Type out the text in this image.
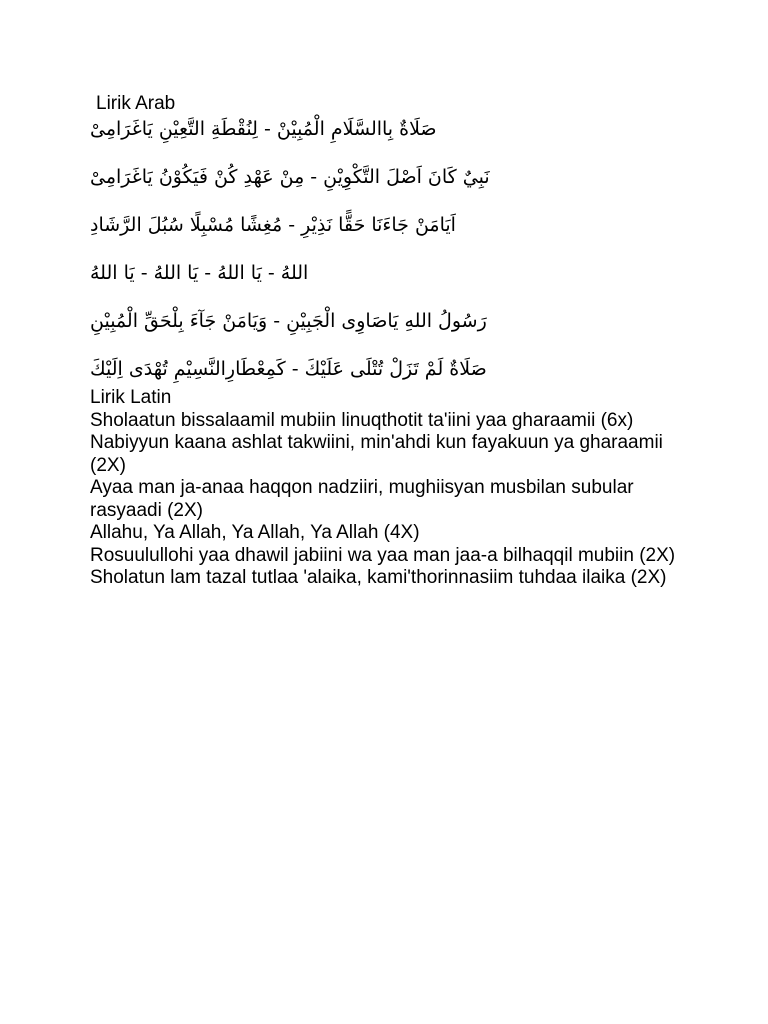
Lirik Arab
صَلَاةٌ بِاالسَّلَامِ الْمُبِيْنْ - لِنُقْطَةِ التَّعِيْنِ يَاغَرَامِىْ
نَبِيٌ كَانَ اَصْلَ التَّكْوِيْنِ - مِنْ عَهْدِ كُنْ فَيَكُوْنُ يَاغَرَامِىْ
اَيَامَنْ جَاءَنَا حَقًّا نَذِيْرِ - مُغِشًا مُسْبِلًا سُبُلَ الرَّشَادِ
اللهُ - يَا اللهُ - يَا اللهُ - يَا اللهُ
رَسُولُ اللهِ يَاصَاوِى الْجَبِيْنِ - وَيَامَنْ جَآءَ بِلْحَقِّ الْمُبِيْنِ
صَلَاةٌ لَمْ تَزَلْ تُتْلَى عَلَيْكَ - كَمِعْطَارِالنَّسِيْمِ تُهْدَى اِلَيْكَ
Lirik Latin
Sholaatun bissalaamil mubiin linuqthotit ta'iini yaa gharaamii (6x)
Nabiyyun kaana ashlat takwiini, min'ahdi kun fayakuun ya gharaamii (2X)
Ayaa man ja-anaa haqqon nadziiri, mughiisyan musbilan subular rasyaadi (2X)
Allahu, Ya Allah, Ya Allah, Ya Allah (4X)
Rosuulullohi yaa dhawil jabiini wa yaa man jaa-a bilhaqqil mubiin (2X)
Sholatun lam tazal tutlaa 'alaika, kami'thorinnasiim tuhdaa ilaika (2X)
